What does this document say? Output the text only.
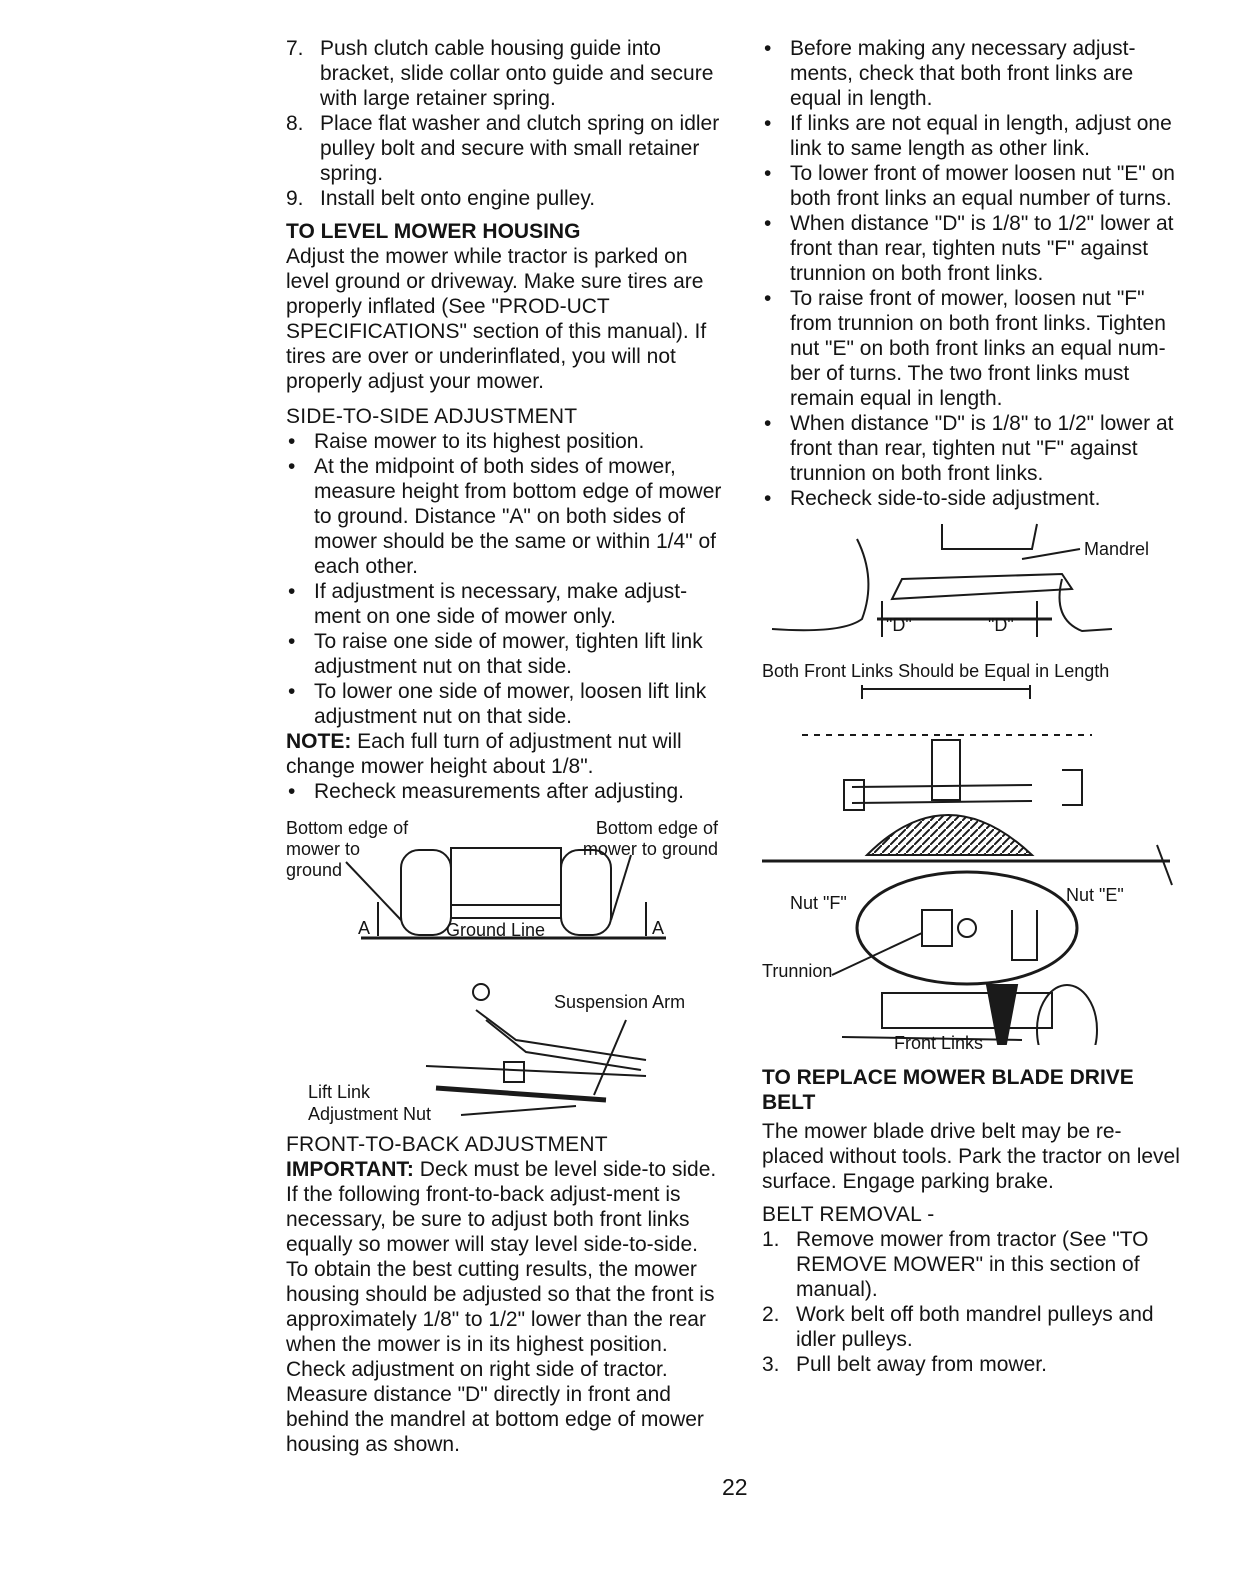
7. Push clutch cable housing guide into bracket, slide collar onto guide and secure with large retainer spring.
8. Place flat washer and clutch spring on idler pulley bolt and secure with small retainer spring.
9. Install belt onto engine pulley.

TO LEVEL MOWER HOUSING

Adjust the mower while tractor is parked on level ground or driveway. Make sure tires are properly inflated (See "PROD-UCT SPECIFICATIONS" section of this manual). If tires are over or underinflated, you will not properly adjust your mower.

SIDE-TO-SIDE ADJUSTMENT

• Raise mower to its highest position.
• At the midpoint of both sides of mower, measure height from bottom edge of mower to ground. Distance "A" on both sides of mower should be the same or within 1/4" of each other.
• If adjustment is necessary, make adjust-ment on one side of mower only.
• To raise one side of mower, tighten lift link adjustment nut on that side.
• To lower one side of mower, loosen lift link adjustment nut on that side.

NOTE: Each full turn of adjustment nut will change mower height about 1/8".

• Recheck measurements after adjusting.
Bottom edge of mower to ground
Bottom edge of mower to ground
Ground Line
A	A
Suspension Arm
Lift Link
Adjustment Nut

FRONT-TO-BACK ADJUSTMENT

IMPORTANT: Deck must be level side-to side. If the following front-to-back adjust-ment is necessary, be sure to adjust both front links equally so mower will stay level side-to-side.

To obtain the best cutting results, the mower housing should be adjusted so that the front is approximately 1/8" to 1/2" lower than the rear when the mower is in its highest position.

Check adjustment on right side of tractor. Measure distance "D" directly in front and behind the mandrel at bottom edge of mower housing as shown.

• Before making any necessary adjust-ments, check that both front links are equal in length.
• If links are not equal in length, adjust one link to same length as other link.
• To lower front of mower loosen nut "E" on both front links an equal number of turns.
• When distance "D" is 1/8" to 1/2" lower at front than rear, tighten nuts "F" against trunnion on both front links.
• To raise front of mower, loosen nut "F" from trunnion on both front links. Tighten nut "E" on both front links an equal num-ber of turns. The two front links must remain equal in length.
• When distance "D" is 1/8" to 1/2" lower at front than rear, tighten nut "F" against trunnion on both front links.
• Recheck side-to-side adjustment.
Mandrel
"D"	"D"
Both Front Links Should be Equal in Length
Nut "F"	Nut "E"
Trunnion
Front Links

TO REPLACE MOWER BLADE DRIVE BELT

The mower blade drive belt may be re-placed without tools. Park the tractor on level surface. Engage parking brake.

BELT REMOVAL -

1. Remove mower from tractor (See "TO REMOVE MOWER" in this section of manual).
2. Work belt off both mandrel pulleys and idler pulleys.
3. Pull belt away from mower.
22
